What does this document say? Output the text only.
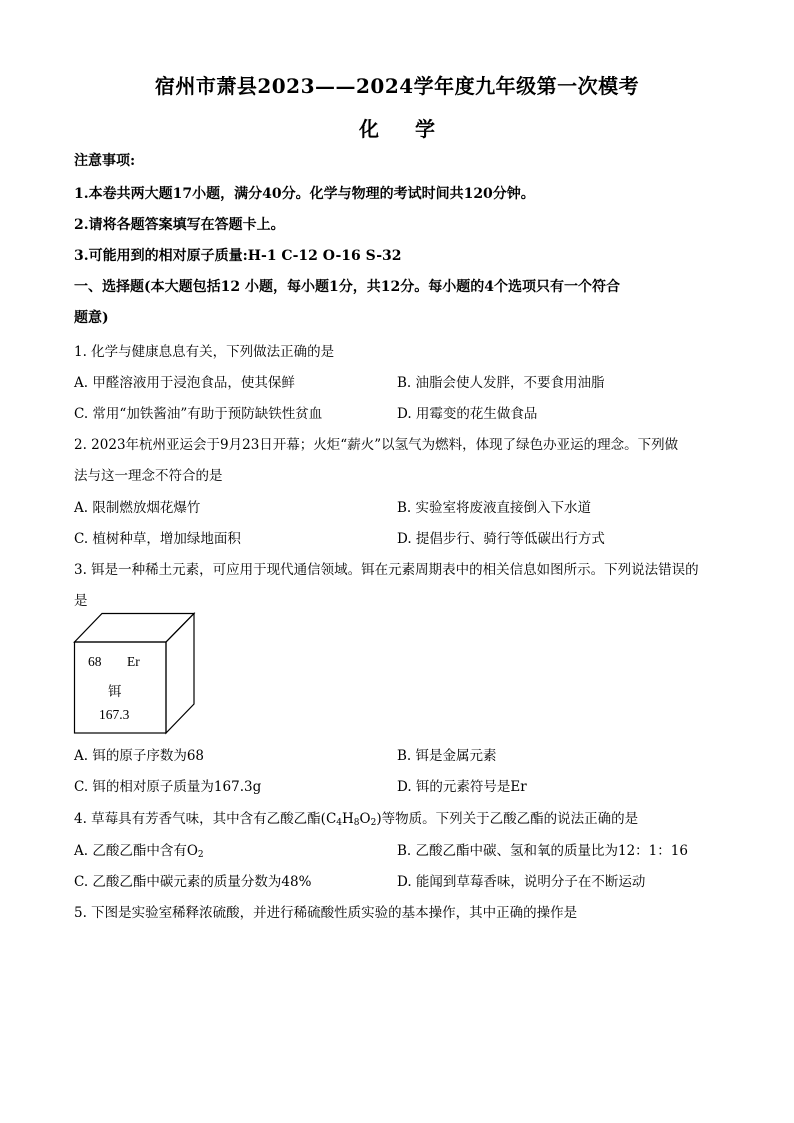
宿州市萧县2023——2024学年度九年级第一次模考
化 学
注意事项:
1.本卷共两大题17小题，满分40分。化学与物理的考试时间共120分钟。
2.请将各题答案填写在答题卡上。
3.可能用到的相对原子质量:H-1 C-12 O-16 S-32
一、选择题(本大题包括12 小题，每小题1分，共12分。每小题的4个选项只有一个符合
题意)
1. 化学与健康息息有关，下列做法正确的是
A. 甲醛溶液用于浸泡食品，使其保鲜	B. 油脂会使人发胖，不要食用油脂
C. 常用“加铁酱油”有助于预防缺铁性贫血	D. 用霉变的花生做食品
2. 2023年杭州亚运会于9月23日开幕；火炬“薪火”以氢气为燃料，体现了绿色办亚运的理念。下列做
法与这一理念不符合的是
A. 限制燃放烟花爆竹	B. 实验室将废液直接倒入下水道
C. 植树种草，增加绿地面积	D. 提倡步行、骑行等低碳出行方式
3. 铒是一种稀土元素，可应用于现代通信领域。铒在元素周期表中的相关信息如图所示。下列说法错误的
是
68 Er
铒
167.3
A. 铒的原子序数为68	B. 铒是金属元素
C. 铒的相对原子质量为167.3g	D. 铒的元素符号是Er
4. 草莓具有芳香气味，其中含有乙酸乙酯$(C_4H_8O_2)$等物质。下列关于乙酸乙酯的说法正确的是
A. 乙酸乙酯中含有$O_2$	B. 乙酸乙酯中碳、氢和氧的质量比为12：1：16
C. 乙酸乙酯中碳元素的质量分数为48%	D. 能闻到草莓香味，说明分子在不断运动
5. 下图是实验室稀释浓硫酸，并进行稀硫酸性质实验的基本操作，其中正确的操作是
